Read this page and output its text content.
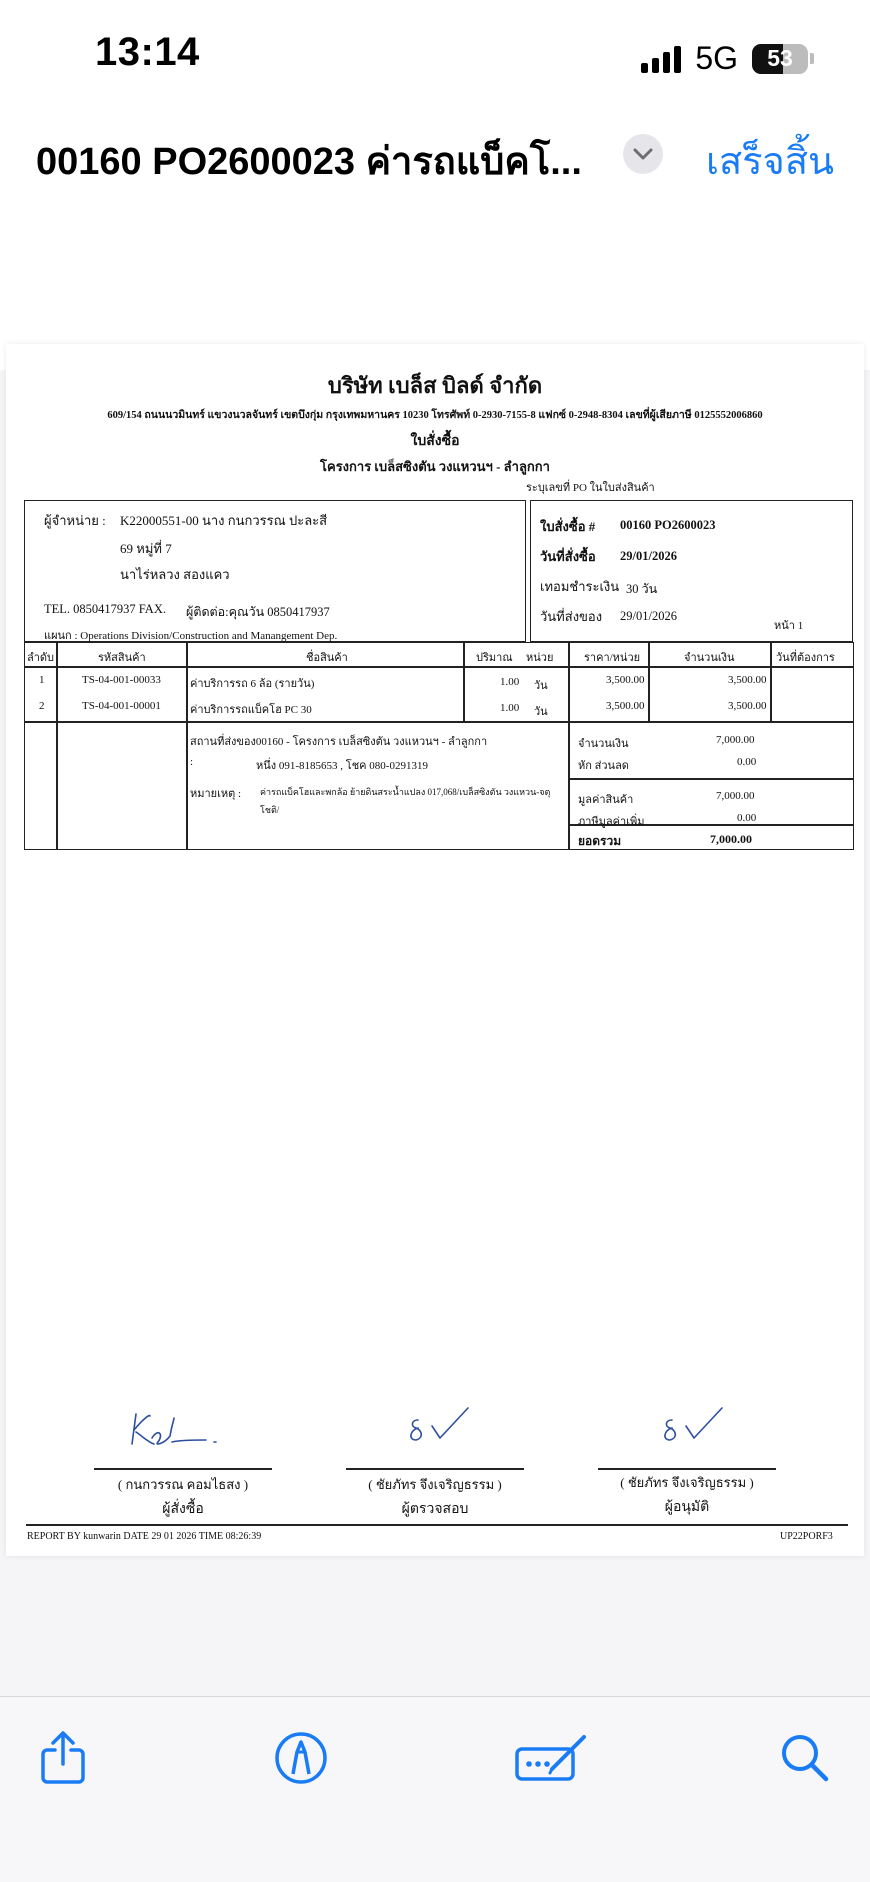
13:14	5G	53
00160 PO2600023 ค่ารถแบ็คโ...	เสร็จสิ้น
บริษัท เบล็ส บิลด์ จำกัด
609/154 ถนนนวมินทร์ แขวงนวลจันทร์ เขตบึงกุ่ม กรุงเทพมหานคร 10230 โทรศัพท์ 0-2930-7155-8 แฟกซ์ 0-2948-8304 เลขที่ผู้เสียภาษี 0125552006860
ใบสั่งซื้อ
โครงการ เบล็สซิงตัน วงแหวนฯ - ลำลูกกา
ระบุเลขที่ PO ในใบส่งสินค้า
ผู้จำหน่าย : K22000551-00 นาง กนกวรรณ ปะละสี
69 หมู่ที่ 7
นาไร่หลวง สองแคว
TEL. 0850417937 FAX. ผู้ติดต่อ:คุณวัน 0850417937
แผนก : Operations Division/Construction and Manangement Dep.
ใบสั่งซื้อ # 00160 PO2600023
วันที่สั่งซื้อ 29/01/2026
เทอมชำระเงิน 30 วัน
วันที่ส่งของ 29/01/2026
หน้า 1
ลำดับ	รหัสสินค้า	ชื่อสินค้า	ปริมาณ หน่วย	ราคา/หน่วย	จำนวนเงิน	วันที่ต้องการ
1	TS-04-001-00033	ค่าบริการรถ 6 ล้อ (รายวัน)	1.00 วัน	3,500.00	3,500.00
2	TS-04-001-00001	ค่าบริการรถแบ็คโฮ PC 30	1.00 วัน	3,500.00	3,500.00
สถานที่ส่งของ00160 - โครงการ เบล็สซิงตัน วงแหวนฯ - ลำลูกกา
:	หนึ่ง 091-8185653 , โชค 080-0291319
หมายเหตุ : ค่ารถแบ็คโฮและพกล้อ ย้ายดินสระน้ำแปลง 017,068/เบล็สซิงตัน วงแหวน-จตุ
โชติ/
จำนวนเงิน	7,000.00
หัก ส่วนลด	0.00
มูลค่าสินค้า	7,000.00
ภาษีมูลค่าเพิ่ม	0.00
ยอดรวม	7,000.00
( กนกวรรณ คอมไธสง )
ผู้สั่งซื้อ
( ชัยภัทร จึงเจริญธรรม )
ผู้ตรวจสอบ
( ชัยภัทร จึงเจริญธรรม )
ผู้อนุมัติ
REPORT BY kunwarin DATE 29 01 2026 TIME 08:26:39	UP22PORF3
